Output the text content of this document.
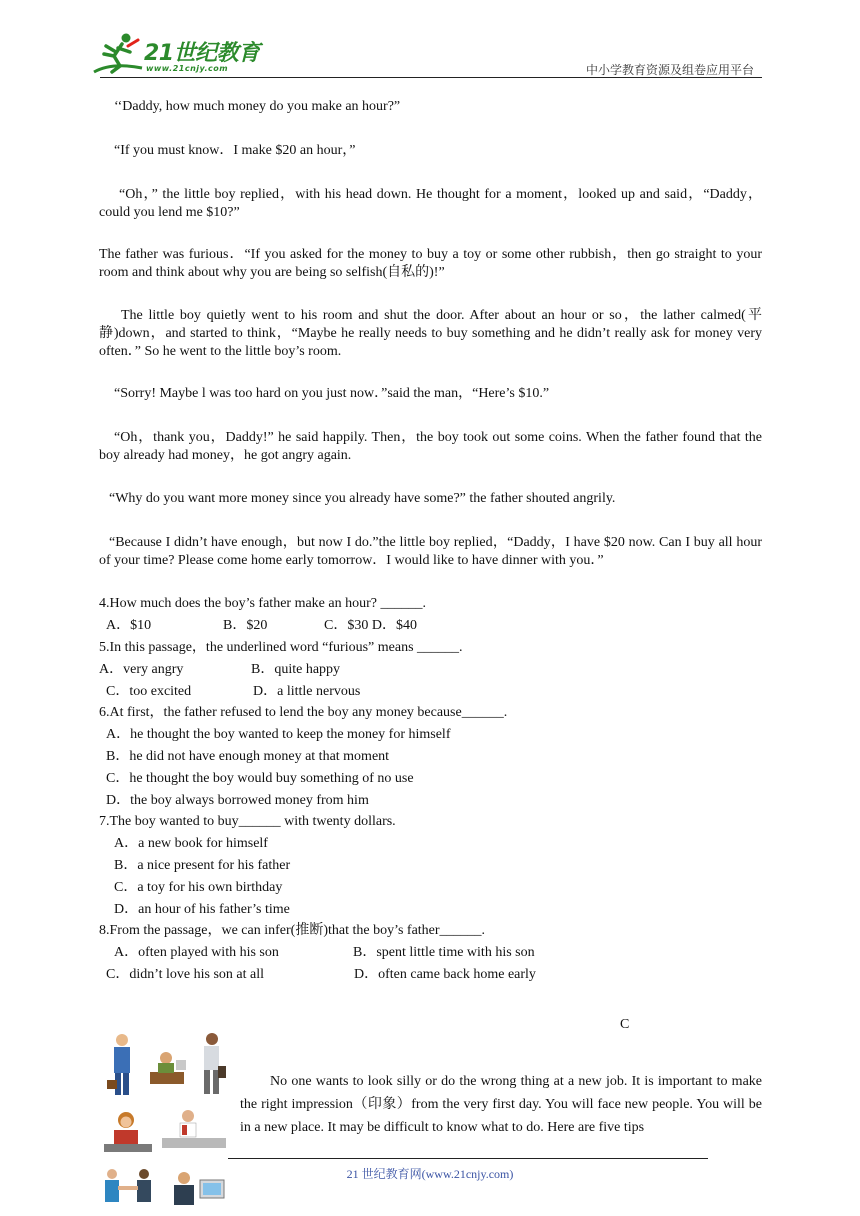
21世纪教育
www.21cnjy.com	中小学教育资源及组卷应用平台
‘‘Daddy, how much money do you make an hour?”
“If you must know．I make $20 an hour，”
“Oh，” the little boy replied，with his head down. He thought for a moment，looked up and said，“Daddy，could you lend me $10?”
The father was furious．“If you asked for the money to buy a toy or some other rubbish，then go straight to your room and think about why you are being so selfish(自私的)!”
The little boy quietly went to his room and shut the door. After about an hour or so，the lather calmed(平静)down，and started to think，“Maybe he really needs to buy something and he didn’t really ask for money very often．” So he went to the little boy’s room.
“Sorry! Maybe l was too hard on you just now．”said the man，“Here’s $10.”
“Oh，thank you，Daddy!” he said happily. Then，the boy took out some coins. When the father found that the boy already had money，he got angry again.
“Why do you want more money since you already have some?” the father shouted angrily.
“Because I didn’t have enough，but now I do.”the little boy replied，“Daddy，I have $20 now. Can I buy all hour of your time? Please come home early tomorrow．I would like to have dinner with you．”
4.How much does the boy’s father make an hour? ______.
A．$10	B．$20	C．$30 D．$40
5.In this passage，the underlined word “furious” means ______.
A．very angry	B．quite happy
C．too excited	D．a little nervous
6.At first，the father refused to lend the boy any money because______.
A．he thought the boy wanted to keep the money for himself
B．he did not have enough money at that moment
C．he thought the boy would buy something of no use
D．the boy always borrowed money from him
7.The boy wanted to buy______ with twenty dollars.
A．a new book for himself
B．a nice present for his father
C．a toy for his own birthday
D．an hour of his father’s time
8.From the passage，we can infer(推断)that the boy’s father______.
A．often played with his son	B．spent little time with his son
C．didn’t love his son at all	D．often came back home early
C
No one wants to look silly or do the wrong thing at a new job. It is important to make the right impression（印象）from the very first day. You will face new people. You will be in a new place. It may be difficult to know what to do. Here are five tips
21 世纪教育网(www.21cnjy.com)
